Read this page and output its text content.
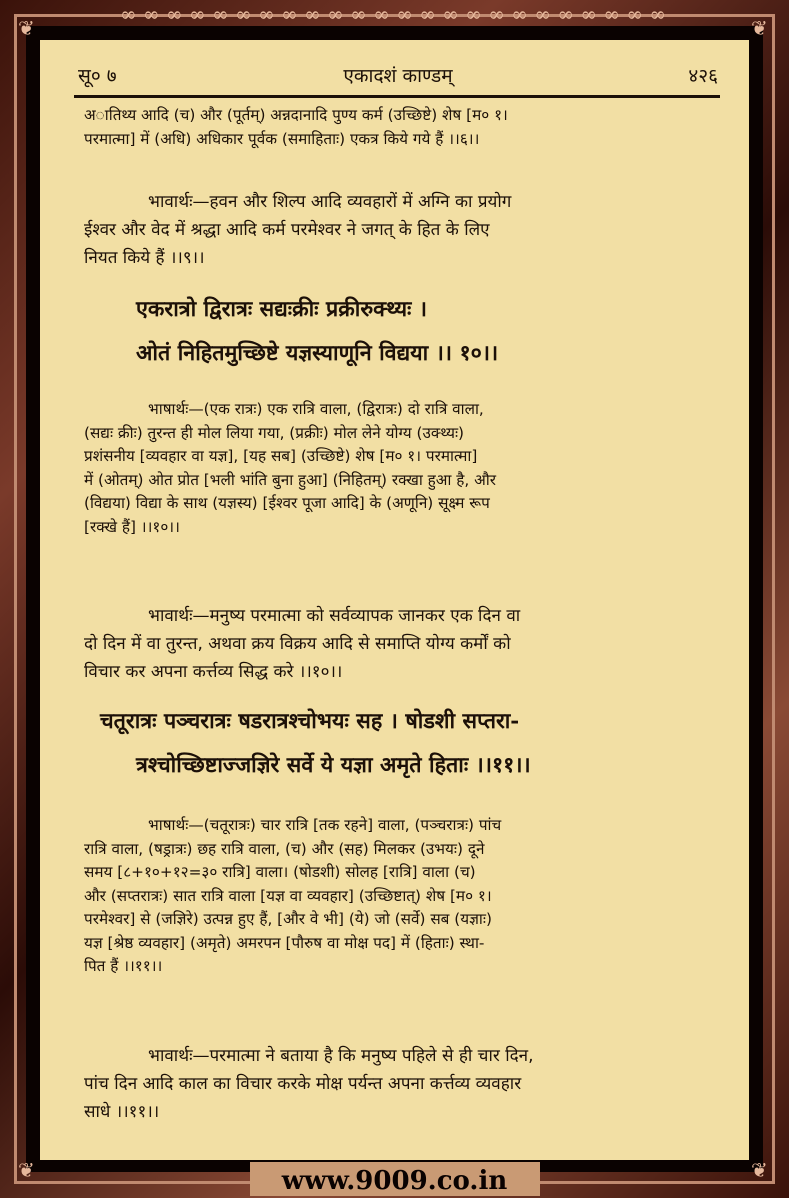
❦	❦
❦	❦
∞ ∞ ∞ ∞ ∞ ∞ ∞ ∞ ∞ ∞ ∞ ∞ ∞ ∞ ∞ ∞ ∞ ∞ ∞ ∞ ∞ ∞ ∞ ∞
सू० ७	एकादशं काण्डम्	४२६

अातिथ्य आदि (च) और (पूर्तम्) अन्नदानादि पुण्य कर्म (उच्छिष्टे) शेष [म० १।

परमात्मा] में (अधि) अधिकार पूर्वक (समाहिताः) एकत्र किये गये हैं ।।६।।

भावार्थः—हवन और शिल्प आदि व्यवहारों में अग्नि का प्रयोग

ईश्वर और वेद में श्रद्धा आदि कर्म परमेश्वर ने जगत् के हित के लिए

नियत किये हैं ।।९।।

एकरात्रो द्विरात्रः सद्यःक्रीः प्रक्रीरुक्थ्यः ।

ओतं निहितमुच्छिष्टे यज्ञस्याणूनि विद्यया ।। १०।।

भाषार्थः—(एक रात्रः) एक रात्रि वाला, (द्विरात्रः) दो रात्रि वाला,

(सद्यः क्रीः) तुरन्त ही मोल लिया गया, (प्रक्रीः) मोल लेने योग्य (उक्थ्यः)

प्रशंसनीय [व्यवहार वा यज्ञ], [यह सब] (उच्छिष्टे) शेष [म० १। परमात्मा]

में (ओतम्) ओत प्रोत [भली भांति बुना हुआ] (निहितम्) रक्खा हुआ है, और

(विद्यया) विद्या के साथ (यज्ञस्य) [ईश्वर पूजा आदि] के (अणूनि) सूक्ष्म रूप

[रक्खे हैं] ।।१०।।

भावार्थः—मनुष्य परमात्मा को सर्वव्यापक जानकर एक दिन वा

दो दिन में वा तुरन्त, अथवा क्रय विक्रय आदि से समाप्ति योग्य कर्मों को

विचार कर अपना कर्त्तव्य सिद्ध करे ।।१०।।

चतूरात्रः पञ्चरात्रः षडरात्रश्चोभयः सह । षोडशी सप्तरा-

त्रश्चोच्छिष्टाज्जज्ञिरे सर्वे ये यज्ञा अमृते हिताः ।।११।।

भाषार्थः—(चतूरात्रः) चार रात्रि [तक रहने] वाला, (पञ्चरात्रः) पांच

रात्रि वाला, (षड्रात्रः) छह रात्रि वाला, (च) और (सह) मिलकर (उभयः) दूने

समय [८+१०+१२=३० रात्रि] वाला। (षोडशी) सोलह [रात्रि] वाला (च)

और (सप्तरात्रः) सात रात्रि वाला [यज्ञ वा व्यवहार] (उच्छिष्टात्) शेष [म० १।

परमेश्वर] से (जज्ञिरे) उत्पन्न हुए हैं, [और वे भी] (ये) जो (सर्वे) सब (यज्ञाः)

यज्ञ [श्रेष्ठ व्यवहार] (अमृते) अमरपन [पौरुष वा मोक्ष पद] में (हिताः) स्था-

पित हैं ।।११।।

भावार्थः—परमात्मा ने बताया है कि मनुष्य पहिले से ही चार दिन,

पांच दिन आदि काल का विचार करके मोक्ष पर्यन्त अपना कर्त्तव्य व्यवहार

साधे ।।११।।

www.9009.co.in
